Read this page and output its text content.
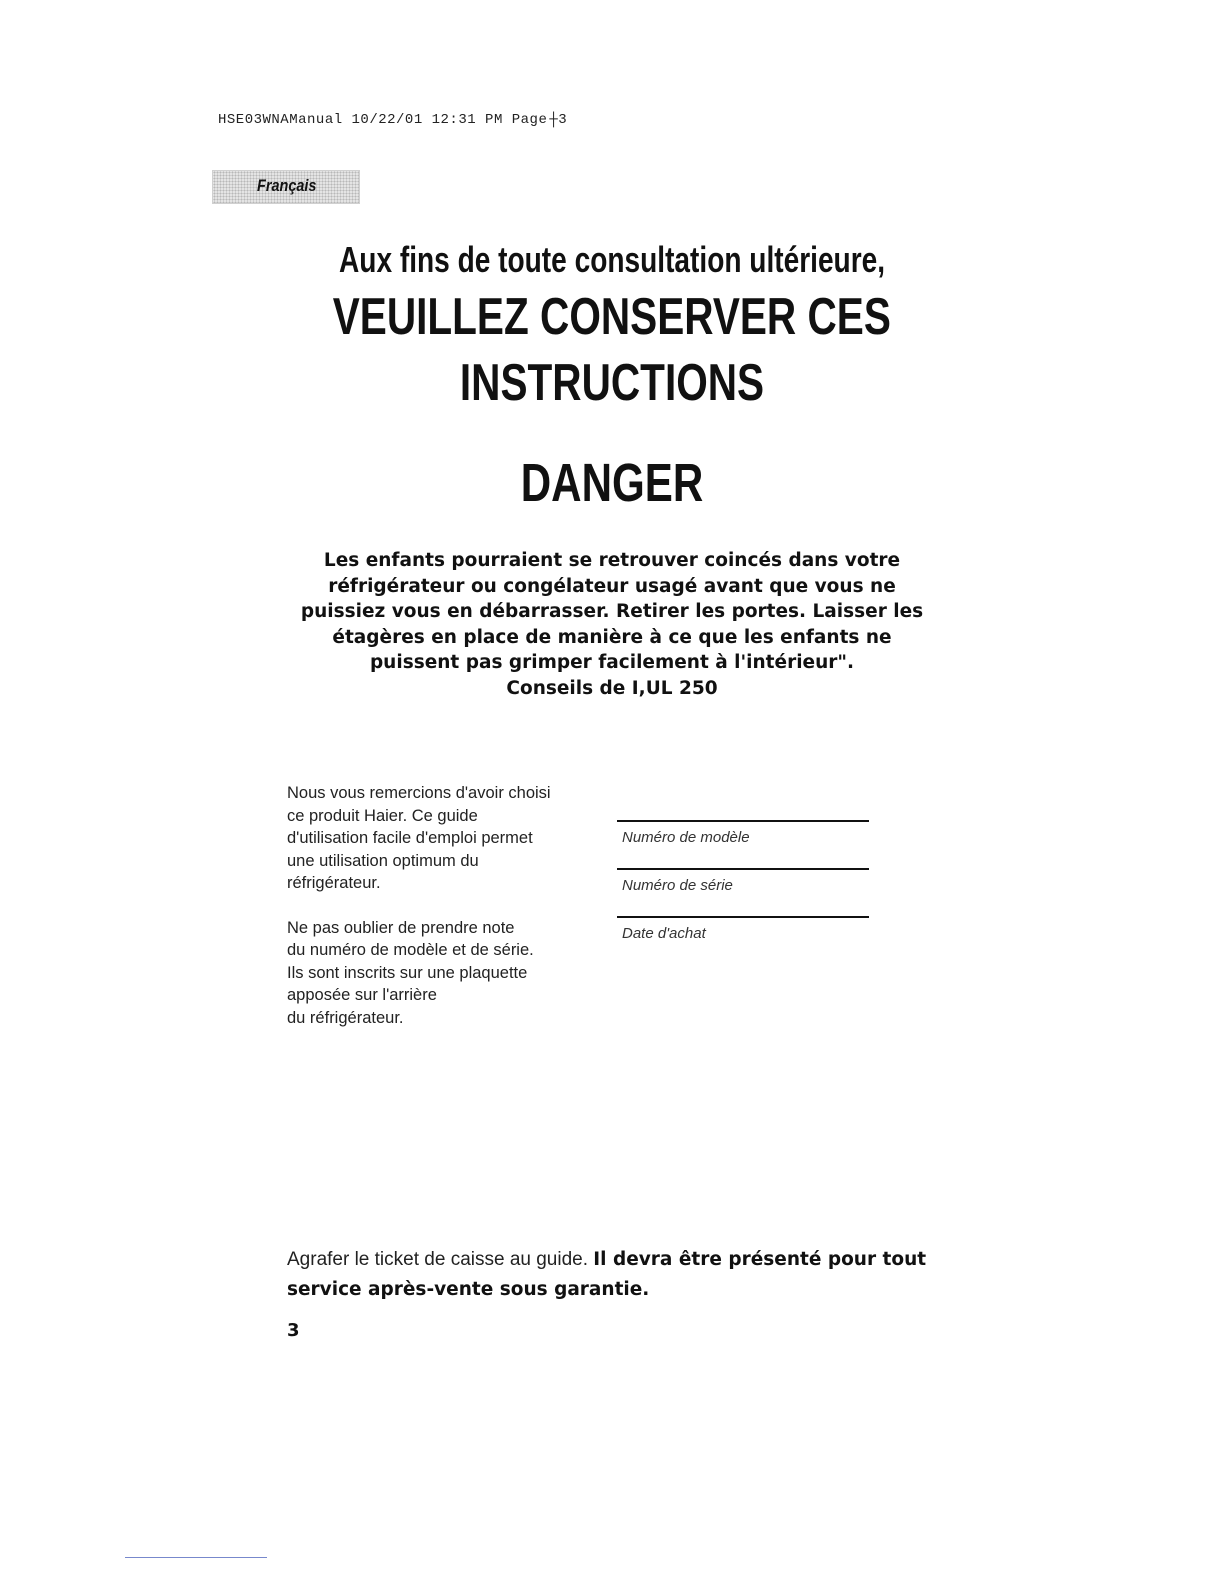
HSE03WNAManual 10/22/01 12:31 PM Page ┼3
Français
Aux fins de toute consultation ultérieure,
VEUILLEZ CONSERVER CES
INSTRUCTIONS
DANGER

Les enfants pourraient se retrouver coincés dans votre

réfrigérateur ou congélateur usagé avant que vous ne

puissiez vous en débarrasser. Retirer les portes. Laisser les

étagères en place de manière à ce que les enfants ne

puissent pas grimper facilement à l'intérieur".

Conseils de I,UL 250

Nous vous remercions d'avoir choisi
ce produit Haier. Ce guide
d'utilisation facile d'emploi permet
une utilisation optimum du
réfrigérateur.

Ne pas oublier de prendre note
du numéro de modèle et de série.
Ils sont inscrits sur une plaquette
apposée sur l'arrière
du réfrigérateur.

Numéro de modèle
Numéro de série
Date d'achat
Agrafer le ticket de caisse au guide. Il devra être présenté pour tout service après-vente sous garantie.
3
